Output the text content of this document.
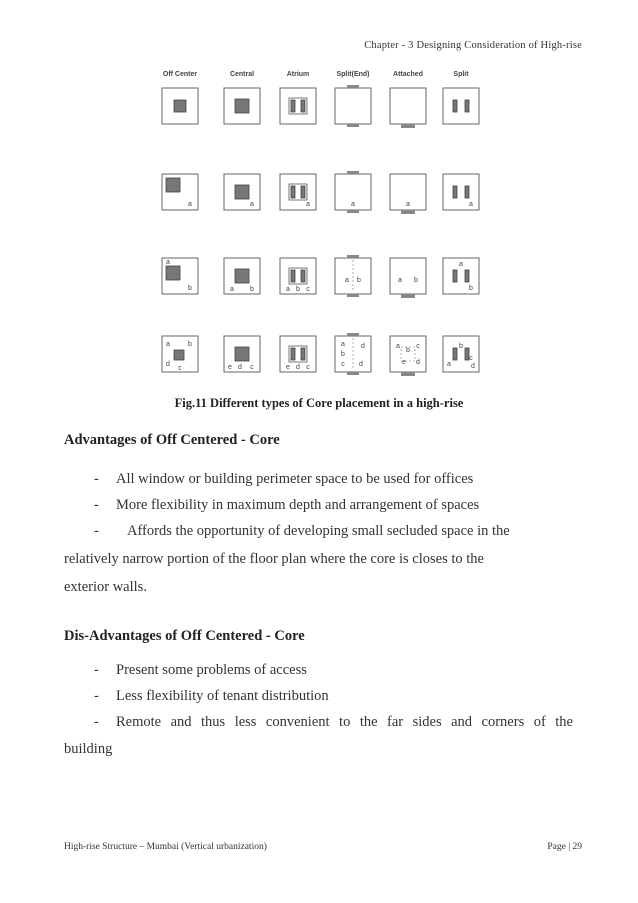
Chapter - 3 Designing Consideration of High-rise
Off Center	Central	Atrium	Split(End)	Attached	Split
a	a	a	a	a	a
a
b	a b	a b c
a b	a b
a
b
a	b
d
c	e d c	e d c
a d
b
c d
a
b
c
e d
b
c
a	d
Fig.11 Different types of Core placement in a high-rise
Advantages of Off Centered - Core
- All window or building perimeter space to be used for offices
- More flexibility in maximum depth and arrangement of spaces
- Affords the opportunity of developing small secluded space in the
relatively narrow portion of the floor plan where the core is closes to the
exterior walls.
Dis-Advantages of Off Centered - Core
- Present some problems of access
- Less flexibility of tenant distribution
- Remote and thus less convenient to the far sides and corners of the
building
High-rise Structure – Mumbai (Vertical urbanization)	Page | 29
